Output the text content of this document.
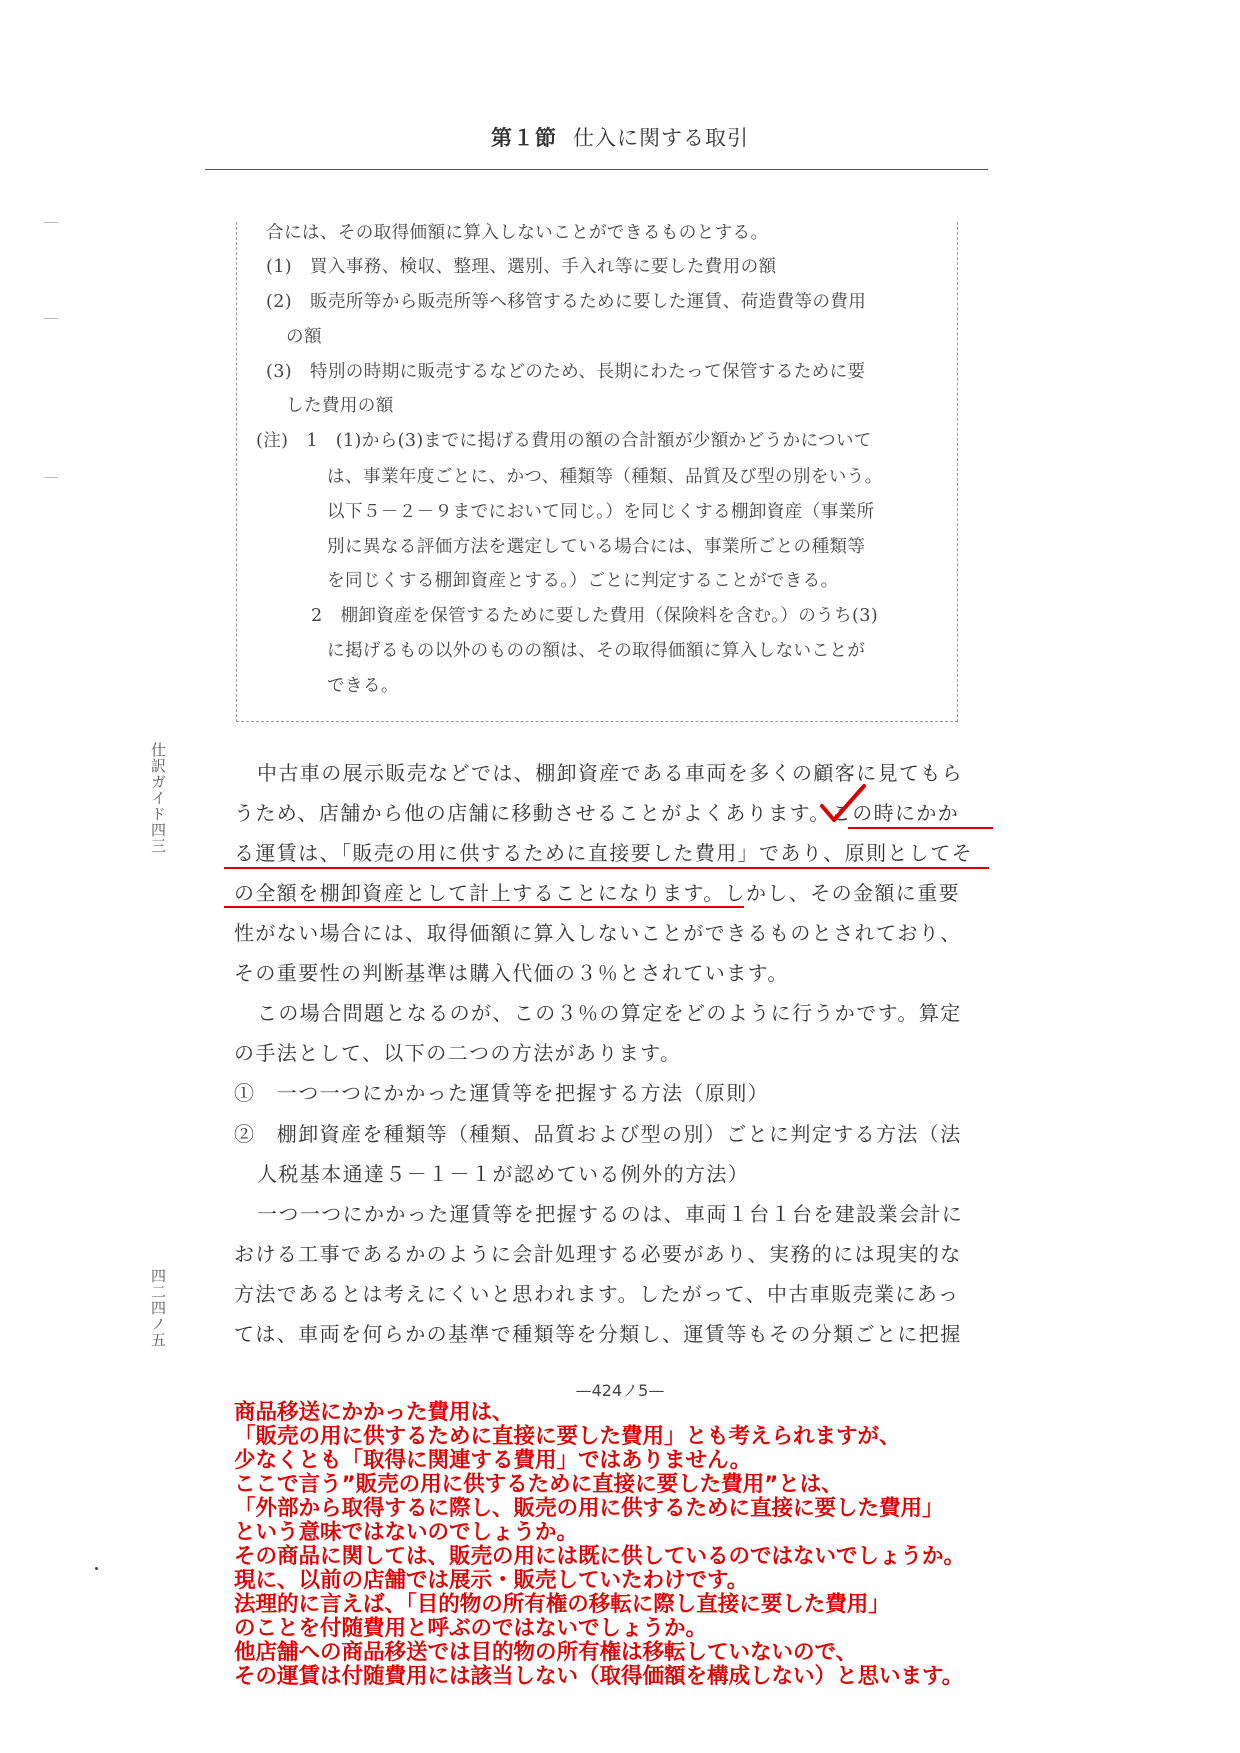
第１節 仕入に関する取引
合には、その取得価額に算入しないことができるものとする。
(1)　買入事務、検収、整理、選別、手入れ等に要した費用の額
(2)　販売所等から販売所等へ移管するために要した運賃、荷造費等の費用
の額
(3)　特別の時期に販売するなどのため、長期にわたって保管するために要
した費用の額
(注)　1　(1)から(3)までに掲げる費用の額の合計額が少額かどうかについて
は、事業年度ごとに、かつ、種類等（種類、品質及び型の別をいう。
以下５－２－９までにおいて同じ。）を同じくする棚卸資産（事業所
別に異なる評価方法を選定している場合には、事業所ごとの種類等
を同じくする棚卸資産とする。）ごとに判定することができる。
2　棚卸資産を保管するために要した費用（保険料を含む。）のうち(3)
に掲げるもの以外のものの額は、その取得価額に算入しないことが
できる。
仕訳ガイド四三
四二四ノ五
中古車の展示販売などでは、棚卸資産である車両を多くの顧客に見てもら
うため、店舗から他の店舗に移動させることがよくあります。この時にかか
る運賃は、「販売の用に供するために直接要した費用」であり、原則としてそ
の全額を棚卸資産として計上することになります。しかし、その金額に重要
性がない場合には、取得価額に算入しないことができるものとされており、
その重要性の判断基準は購入代価の３％とされています。
この場合問題となるのが、この３％の算定をどのように行うかです。算定
の手法として、以下の二つの方法があります。
①　一つ一つにかかった運賃等を把握する方法（原則）
②　棚卸資産を種類等（種類、品質および型の別）ごとに判定する方法（法
人税基本通達５－１－１が認めている例外的方法）
一つ一つにかかった運賃等を把握するのは、車両１台１台を建設業会計に
おける工事であるかのように会計処理する必要があり、実務的には現実的な
方法であるとは考えにくいと思われます。したがって、中古車販売業にあっ
ては、車両を何らかの基準で種類等を分類し、運賃等もその分類ごとに把握
—424ノ5—
商品移送にかかった費用は、
「販売の用に供するために直接に要した費用」とも考えられますが、
少なくとも「取得に関連する費用」ではありません。
ここで言う”販売の用に供するために直接に要した費用”とは、
「外部から取得するに際し、販売の用に供するために直接に要した費用」
という意味ではないのでしょうか。
その商品に関しては、販売の用には既に供しているのではないでしょうか。
現に、以前の店舗では展示・販売していたわけです。
法理的に言えば、「目的物の所有権の移転に際し直接に要した費用」
のことを付随費用と呼ぶのではないでしょうか。
他店舗への商品移送では目的物の所有権は移転していないので、
その運賃は付随費用には該当しない（取得価額を構成しない）と思います。
